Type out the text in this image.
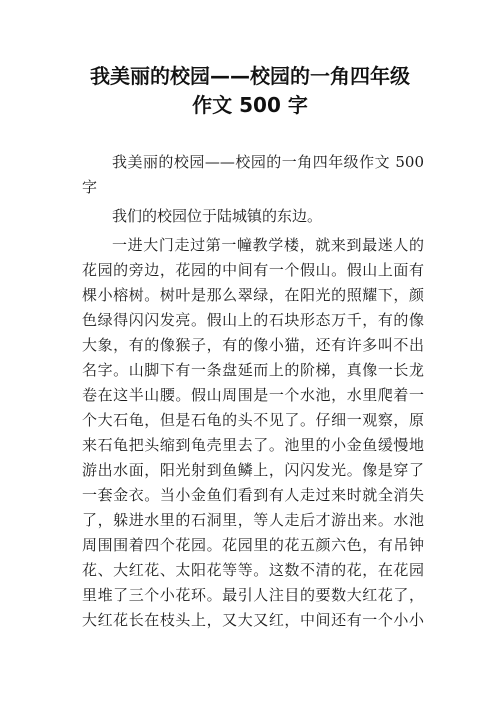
我美丽的校园——校园的一角四年级
作文 500 字

我美丽的校园——校园的一角四年级作文 500
字

我们的校园位于陆城镇的东边。

一进大门走过第一幢教学楼，就来到最迷人的
花园的旁边，花园的中间有一个假山。假山上面有
棵小榕树。树叶是那么翠绿，在阳光的照耀下，颜
色绿得闪闪发亮。假山上的石块形态万千，有的像
大象，有的像猴子，有的像小猫，还有许多叫不出
名字。山脚下有一条盘延而上的阶梯，真像一长龙
卷在这半山腰。假山周围是一个水池，水里爬着一
个大石龟，但是石龟的头不见了。仔细一观察，原
来石龟把头缩到龟壳里去了。池里的小金鱼缓慢地
游出水面，阳光射到鱼鳞上，闪闪发光。像是穿了
一套金衣。当小金鱼们看到有人走过来时就全消失
了，躲进水里的石洞里，等人走后才游出来。水池
周围围着四个花园。花园里的花五颜六色，有吊钟
花、大红花、太阳花等等。这数不清的花，在花园
里堆了三个小花环。最引人注目的要数大红花了，
大红花长在枝头上，又大又红，中间还有一个小小
